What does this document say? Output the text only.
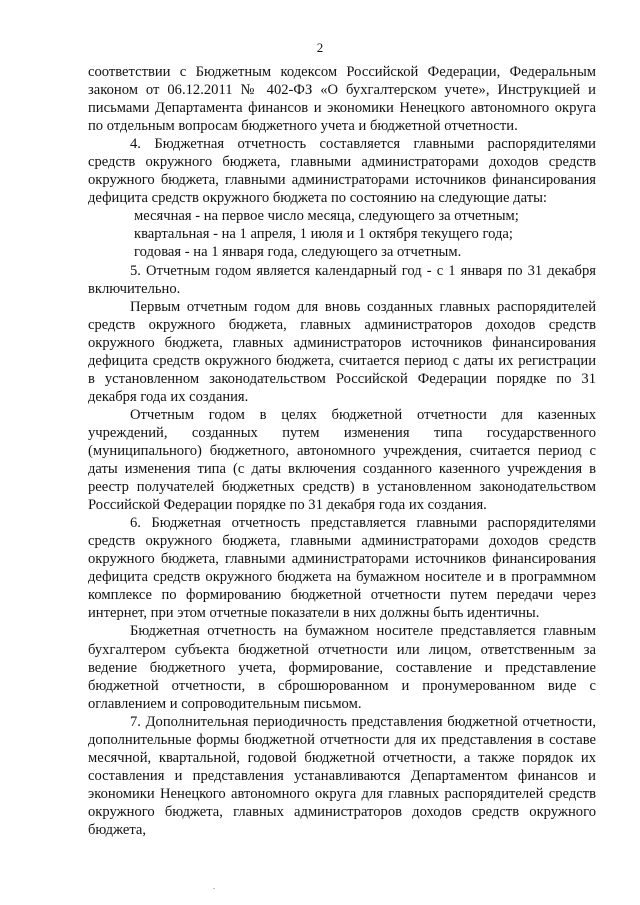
2

соответствии с Бюджетным кодексом Российской Федерации, Федеральным законом от 06.12.2011 № 402-ФЗ «О бухгалтерском учете», Инструкцией и письмами Департамента финансов и экономики Ненецкого автономного округа по отдельным вопросам бюджетного учета и бюджетной отчетности.

4. Бюджетная отчетность составляется главными распорядителями средств окружного бюджета, главными администраторами доходов средств окружного бюджета, главными администраторами источников финансирования дефицита средств окружного бюджета по состоянию на следующие даты:

месячная - на первое число месяца, следующего за отчетным;

квартальная - на 1 апреля, 1 июля и 1 октября текущего года;

годовая - на 1 января года, следующего за отчетным.

5. Отчетным годом является календарный год - с 1 января по 31 декабря включительно.

Первым отчетным годом для вновь созданных главных распорядителей средств окружного бюджета, главных администраторов доходов средств окружного бюджета, главных администраторов источников финансирования дефицита средств окружного бюджета, считается период с даты их регистрации в установленном законодательством Российской Федерации порядке по 31 декабря года их создания.

Отчетным годом в целях бюджетной отчетности для казенных учреждений, созданных путем изменения типа государственного (муниципального) бюджетного, автономного учреждения, считается период с даты изменения типа (с даты включения созданного казенного учреждения в реестр получателей бюджетных средств) в установленном законодательством Российской Федерации порядке по 31 декабря года их создания.

6. Бюджетная отчетность представляется главными распорядителями средств окружного бюджета, главными администраторами доходов средств окружного бюджета, главными администраторами источников финансирования дефицита средств окружного бюджета на бумажном носителе и в программном комплексе по формированию бюджетной отчетности путем передачи через интернет, при этом отчетные показатели в них должны быть идентичны.

Бюджетная отчетность на бумажном носителе представляется главным бухгалтером субъекта бюджетной отчетности или лицом, ответственным за ведение бюджетного учета, формирование, составление и представление бюджетной отчетности, в сброшюрованном и пронумерованном виде с оглавлением и сопроводительным письмом.

7. Дополнительная периодичность представления бюджетной отчетности, дополнительные формы бюджетной отчетности для их представления в составе месячной, квартальной, годовой бюджетной отчетности, а также порядок их составления и представления устанавливаются Департаментом финансов и экономики Ненецкого автономного округа для главных распорядителей средств окружного бюджета, главных администраторов доходов средств окружного бюджета,
